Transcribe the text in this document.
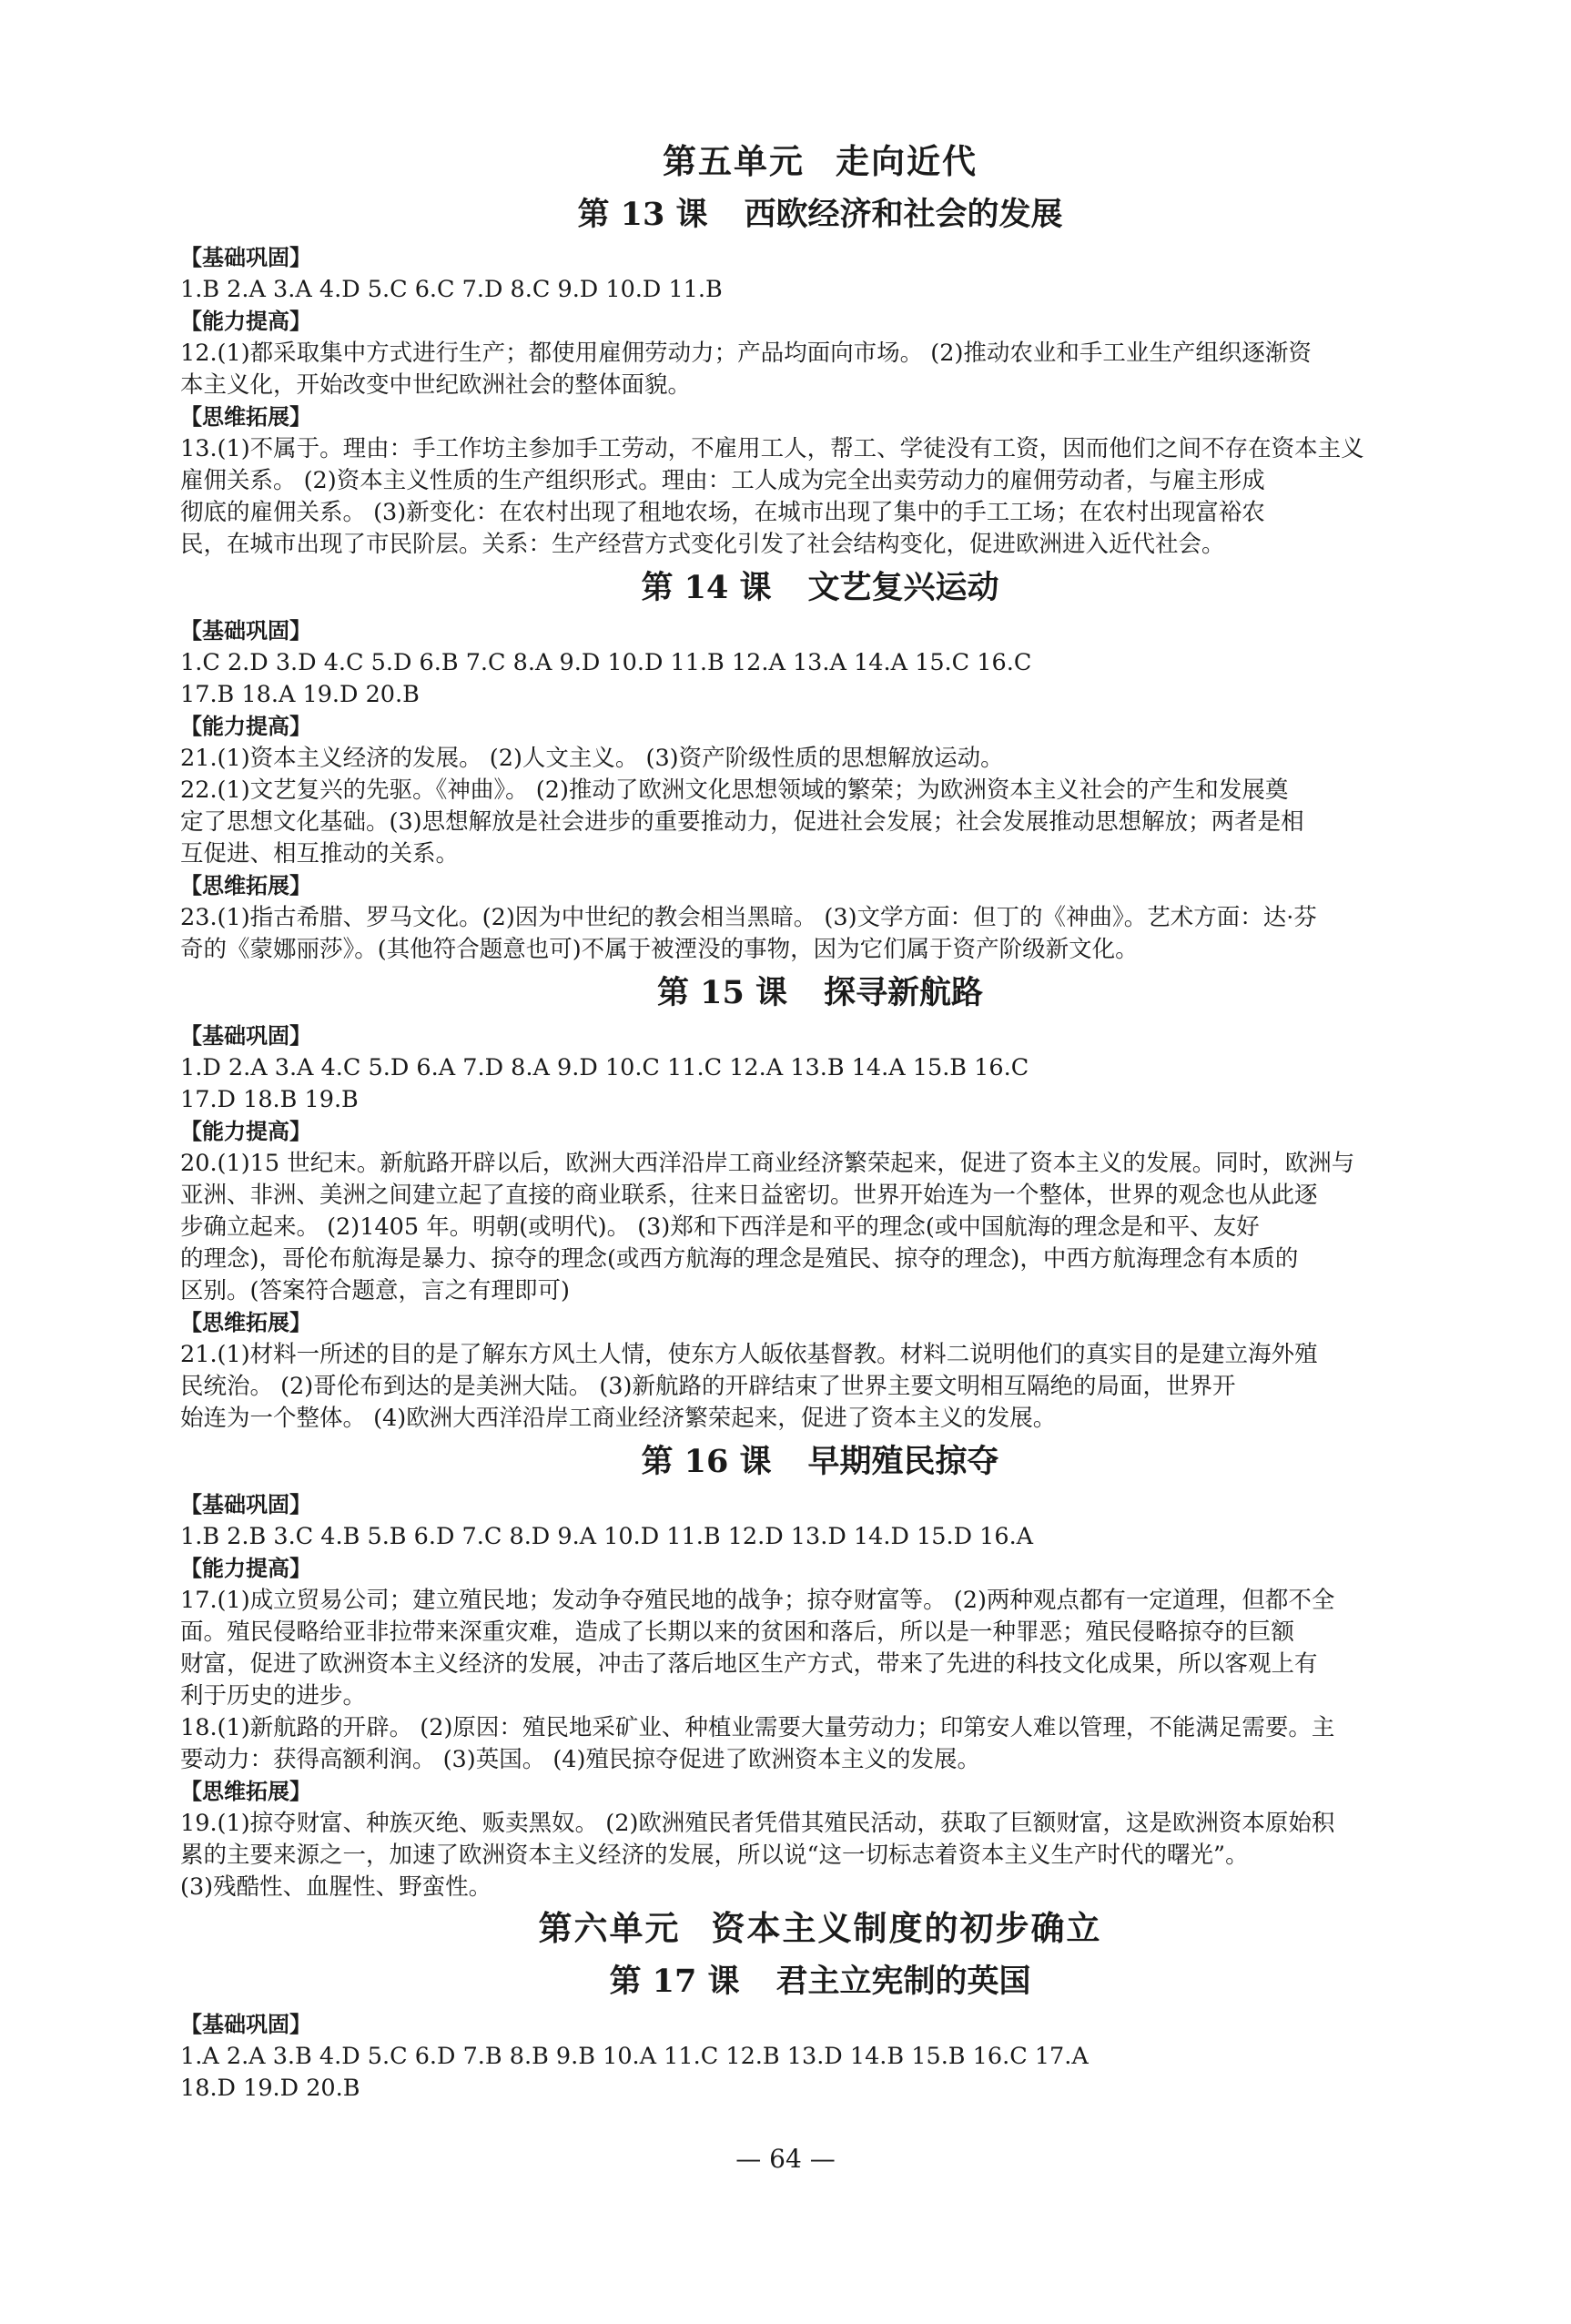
第五单元 走向近代
第 13 课 西欧经济和社会的发展

【基础巩固】

1.B 2.A 3.A 4.D 5.C 6.C 7.D 8.C 9.D 10.D 11.B

【能力提高】

12.(1)都采取集中方式进行生产；都使用雇佣劳动力；产品均面向市场。 (2)推动农业和手工业生产组织逐渐资

本主义化，开始改变中世纪欧洲社会的整体面貌。

【思维拓展】

13.(1)不属于。理由：手工作坊主参加手工劳动，不雇用工人，帮工、学徒没有工资，因而他们之间不存在资本主义

雇佣关系。 (2)资本主义性质的生产组织形式。理由：工人成为完全出卖劳动力的雇佣劳动者，与雇主形成

彻底的雇佣关系。 (3)新变化：在农村出现了租地农场，在城市出现了集中的手工工场；在农村出现富裕农

民，在城市出现了市民阶层。关系：生产经营方式变化引发了社会结构变化，促进欧洲进入近代社会。

第 14 课 文艺复兴运动

【基础巩固】

1.C 2.D 3.D 4.C 5.D 6.B 7.C 8.A 9.D 10.D 11.B 12.A 13.A 14.A 15.C 16.C

17.B 18.A 19.D 20.B

【能力提高】

21.(1)资本主义经济的发展。 (2)人文主义。 (3)资产阶级性质的思想解放运动。

22.(1)文艺复兴的先驱。《神曲》。 (2)推动了欧洲文化思想领域的繁荣；为欧洲资本主义社会的产生和发展奠

定了思想文化基础。(3)思想解放是社会进步的重要推动力，促进社会发展；社会发展推动思想解放；两者是相

互促进、相互推动的关系。

【思维拓展】

23.(1)指古希腊、罗马文化。(2)因为中世纪的教会相当黑暗。 (3)文学方面：但丁的《神曲》。艺术方面：达·芬

奇的《蒙娜丽莎》。(其他符合题意也可)不属于被湮没的事物，因为它们属于资产阶级新文化。

第 15 课 探寻新航路

【基础巩固】

1.D 2.A 3.A 4.C 5.D 6.A 7.D 8.A 9.D 10.C 11.C 12.A 13.B 14.A 15.B 16.C

17.D 18.B 19.B

【能力提高】

20.(1)15 世纪末。新航路开辟以后，欧洲大西洋沿岸工商业经济繁荣起来，促进了资本主义的发展。同时，欧洲与

亚洲、非洲、美洲之间建立起了直接的商业联系，往来日益密切。世界开始连为一个整体，世界的观念也从此逐

步确立起来。 (2)1405 年。明朝(或明代)。 (3)郑和下西洋是和平的理念(或中国航海的理念是和平、友好

的理念)，哥伦布航海是暴力、掠夺的理念(或西方航海的理念是殖民、掠夺的理念)，中西方航海理念有本质的

区别。(答案符合题意，言之有理即可)

【思维拓展】

21.(1)材料一所述的目的是了解东方风土人情，使东方人皈依基督教。材料二说明他们的真实目的是建立海外殖

民统治。 (2)哥伦布到达的是美洲大陆。 (3)新航路的开辟结束了世界主要文明相互隔绝的局面，世界开

始连为一个整体。 (4)欧洲大西洋沿岸工商业经济繁荣起来，促进了资本主义的发展。

第 16 课 早期殖民掠夺

【基础巩固】

1.B 2.B 3.C 4.B 5.B 6.D 7.C 8.D 9.A 10.D 11.B 12.D 13.D 14.D 15.D 16.A

【能力提高】

17.(1)成立贸易公司；建立殖民地；发动争夺殖民地的战争；掠夺财富等。 (2)两种观点都有一定道理，但都不全

面。殖民侵略给亚非拉带来深重灾难，造成了长期以来的贫困和落后，所以是一种罪恶；殖民侵略掠夺的巨额

财富，促进了欧洲资本主义经济的发展，冲击了落后地区生产方式，带来了先进的科技文化成果，所以客观上有

利于历史的进步。

18.(1)新航路的开辟。 (2)原因：殖民地采矿业、种植业需要大量劳动力；印第安人难以管理，不能满足需要。主

要动力：获得高额利润。 (3)英国。 (4)殖民掠夺促进了欧洲资本主义的发展。

【思维拓展】

19.(1)掠夺财富、种族灭绝、贩卖黑奴。 (2)欧洲殖民者凭借其殖民活动，获取了巨额财富，这是欧洲资本原始积

累的主要来源之一，加速了欧洲资本主义经济的发展，所以说“这一切标志着资本主义生产时代的曙光”。

(3)残酷性、血腥性、野蛮性。

第六单元 资本主义制度的初步确立
第 17 课 君主立宪制的英国

【基础巩固】

1.A 2.A 3.B 4.D 5.C 6.D 7.B 8.B 9.B 10.A 11.C 12.B 13.D 14.B 15.B 16.C 17.A

18.D 19.D 20.B

— 64 —
